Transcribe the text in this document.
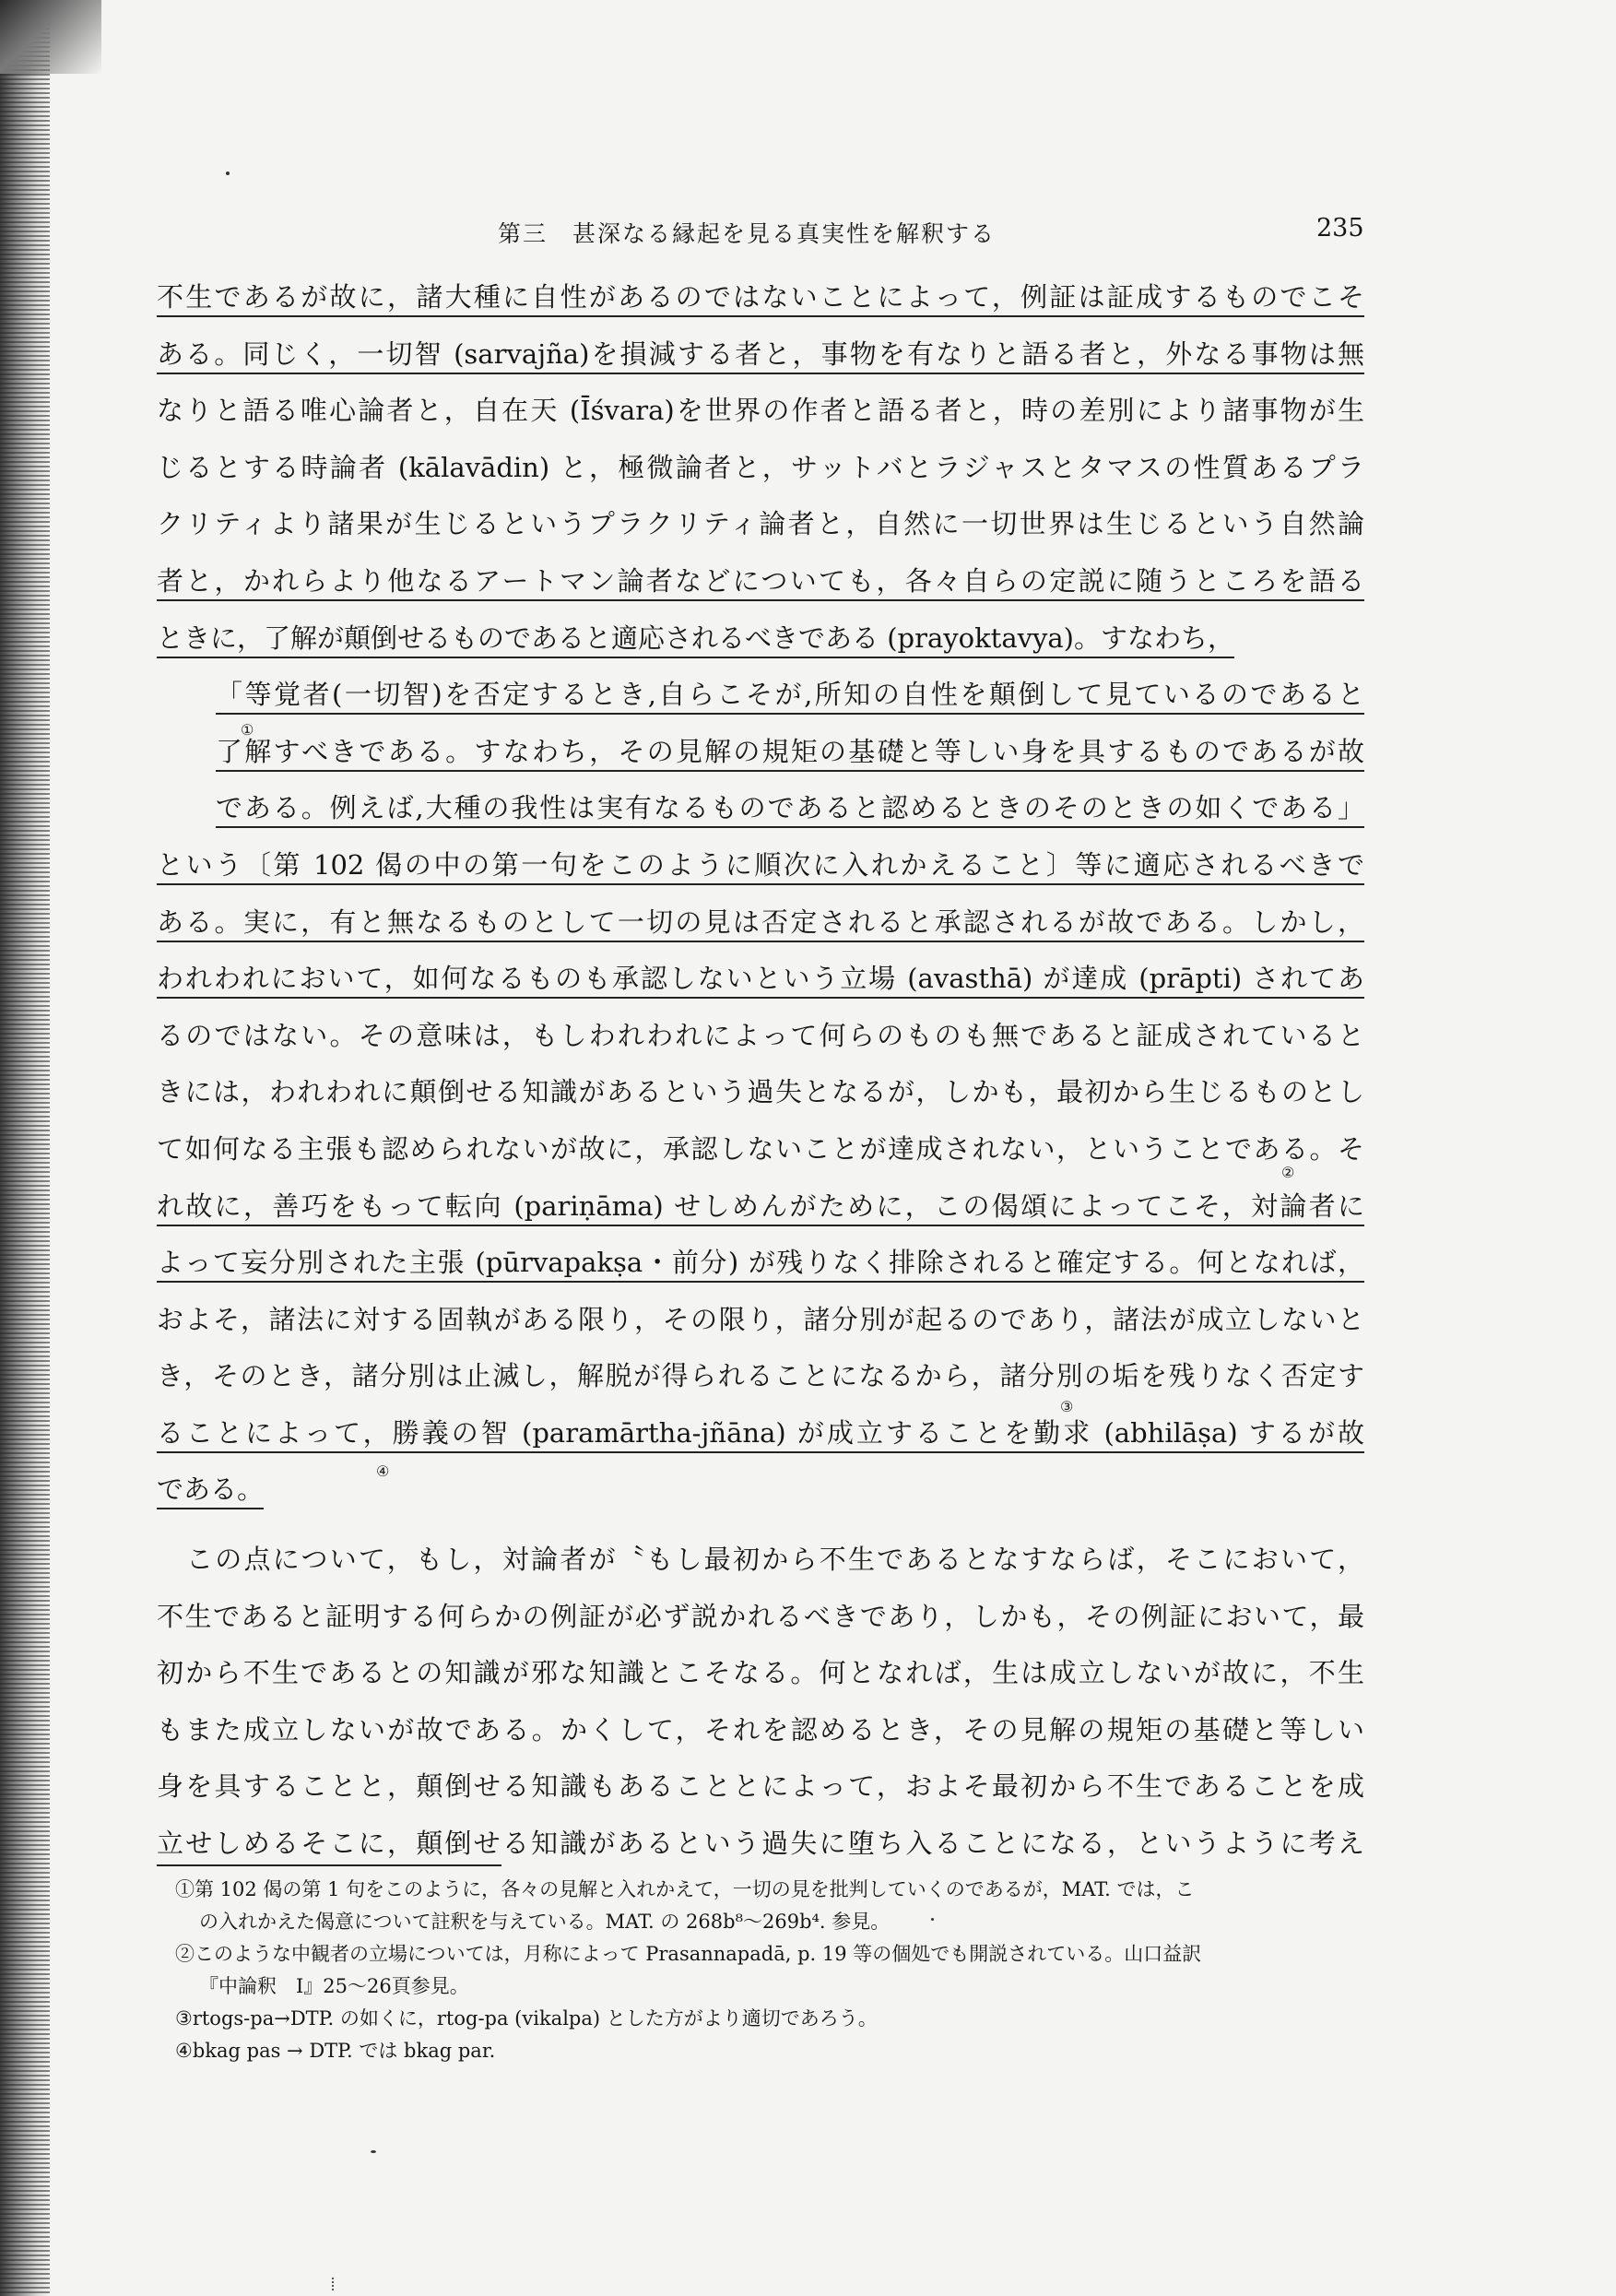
第三　甚深なる縁起を見る真実性を解釈する	235
不生であるが故に，諸大種に自性があるのではないことによって，例証は証成するものでこそ
ある。同じく，一切智 (sarvajña)を損減する者と，事物を有なりと語る者と，外なる事物は無
なりと語る唯心論者と，自在天 (Īśvara)を世界の作者と語る者と，時の差別により諸事物が生
じるとする時論者 (kālavādin) と，極微論者と，サットバとラジャスとタマスの性質あるプラ
クリティより諸果が生じるというプラクリティ論者と，自然に一切世界は生じるという自然論
者と，かれらより他なるアートマン論者などについても，各々自らの定説に随うところを語る
ときに，了解が顛倒せるものであると適応されるべきである (prayoktavya)。すなわち，
「等覚者(一切智)を否定するとき,自らこそが,所知の自性を顛倒して見ているのであると
了解すべきである。すなわち，その見解の規矩の基礎と等しい身を具するものであるが故
である。例えば,大種の我性は実有なるものであると認めるときのそのときの如くである」
という〔第 102 偈の中の第一句をこのように順次に入れかえること〕等に適応されるべきで
ある。実に，有と無なるものとして一切の見は否定されると承認されるが故である。しかし，
われわれにおいて，如何なるものも承認しないという立場 (avasthā) が達成 (prāpti) されてあ
るのではない。その意味は，もしわれわれによって何らのものも無であると証成されていると
きには，われわれに顛倒せる知識があるという過失となるが，しかも，最初から生じるものとし
て如何なる主張も認められないが故に，承認しないことが達成されない，ということである。そ
れ故に，善巧をもって転向 (pariṇāma) せしめんがために，この偈頌によってこそ，対論者に
よって妄分別された主張 (pūrvapakṣa・前分) が残りなく排除されると確定する。何となれば，
およそ，諸法に対する固執がある限り，その限り，諸分別が起るのであり，諸法が成立しないと
き，そのとき，諸分別は止滅し，解脱が得られることになるから，諸分別の垢を残りなく否定す
ることによって，勝義の智 (paramārtha-jñāna) が成立することを勤求 (abhilāṣa) するが故
である。
この点について，もし，対論者が〝もし最初から不生であるとなすならば，そこにおいて，
不生であると証明する何らかの例証が必ず説かれるべきであり，しかも，その例証において，最
初から不生であるとの知識が邪な知識とこそなる。何となれば，生は成立しないが故に，不生
もまた成立しないが故である。かくして，それを認めるとき，その見解の規矩の基礎と等しい
身を具することと，顛倒せる知識もあることとによって，およそ最初から不生であることを成
立せしめるそこに，顛倒せる知識があるという過失に堕ち入ることになる，というように考え
①
②
③
④
①第 102 偈の第 1 句をこのように，各々の見解と入れかえて，一切の見を批判していくのであるが，MAT. では，こ
の入れかえた偈意について註釈を与えている。MAT. の 268b⁸〜269b⁴. 参見。
②このような中観者の立場については，月称によって Prasannapadā, p. 19 等の個処でも開説されている。山口益訳
『中論釈　I』25〜26頁参見。
③rtogs-pa→DTP. の如くに，rtog-pa (vikalpa) とした方がより適切であろう。
④bkag pas → DTP. では bkag par.
